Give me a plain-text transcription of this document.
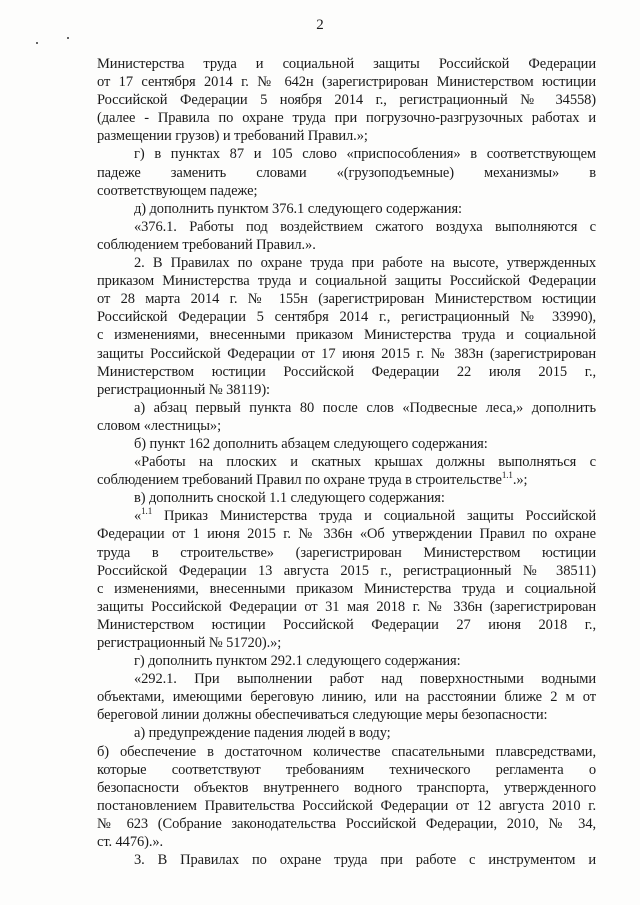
2
Министерства труда и социальной защиты Российской Федерации
от 17 сентября 2014 г. № 642н (зарегистрирован Министерством юстиции
Российской Федерации 5 ноября 2014 г., регистрационный № 34558)
(далее - Правила по охране труда при погрузочно-разгрузочных работах и
размещении грузов) и требований Правил.»;
г) в пунктах 87 и 105 слово «приспособления» в соответствующем
падеже заменить словами «(грузоподъемные) механизмы» в
соответствующем падеже;
д) дополнить пунктом 376.1 следующего содержания:
«376.1. Работы под воздействием сжатого воздуха выполняются с
соблюдением требований Правил.».
2. В Правилах по охране труда при работе на высоте, утвержденных
приказом Министерства труда и социальной защиты Российской Федерации
от 28 марта 2014 г. № 155н (зарегистрирован Министерством юстиции
Российской Федерации 5 сентября 2014 г., регистрационный № 33990),
с изменениями, внесенными приказом Министерства труда и социальной
защиты Российской Федерации от 17 июня 2015 г. № 383н (зарегистрирован
Министерством юстиции Российской Федерации 22 июля 2015 г.,
регистрационный № 38119):
а) абзац первый пункта 80 после слов «Подвесные леса,» дополнить
словом «лестницы»;
б) пункт 162 дополнить абзацем следующего содержания:
«Работы на плоских и скатных крышах должны выполняться с
соблюдением требований Правил по охране труда в строительстве$^{1.1}$.»;
в) дополнить сноской 1.1 следующего содержания:
«$^{1.1}$ Приказ Министерства труда и социальной защиты Российской
Федерации от 1 июня 2015 г. № 336н «Об утверждении Правил по охране
труда в строительстве» (зарегистрирован Министерством юстиции
Российской Федерации 13 августа 2015 г., регистрационный № 38511)
с изменениями, внесенными приказом Министерства труда и социальной
защиты Российской Федерации от 31 мая 2018 г. № 336н (зарегистрирован
Министерством юстиции Российской Федерации 27 июня 2018 г.,
регистрационный № 51720).»;
г) дополнить пунктом 292.1 следующего содержания:
«292.1. При выполнении работ над поверхностными водными
объектами, имеющими береговую линию, или на расстоянии ближе 2 м от
береговой линии должны обеспечиваться следующие меры безопасности:
а) предупреждение падения людей в воду;
б) обеспечение в достаточном количестве спасательными плавсредствами,
которые соответствуют требованиям технического регламента о
безопасности объектов внутреннего водного транспорта, утвержденного
постановлением Правительства Российской Федерации от 12 августа 2010 г.
№ 623 (Собрание законодательства Российской Федерации, 2010, № 34,
ст. 4476).».
3. В Правилах по охране труда при работе с инструментом и
